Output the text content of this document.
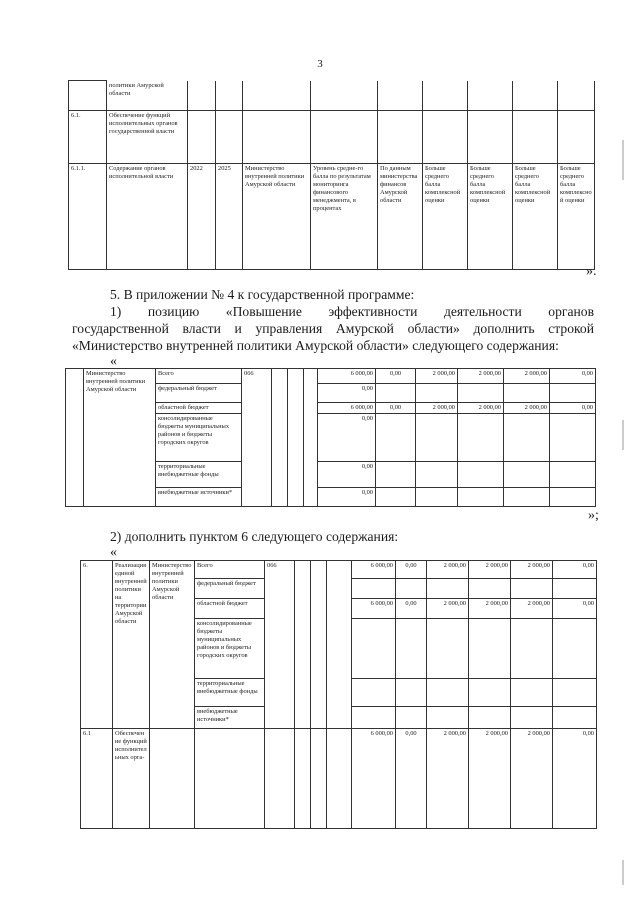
3
	политики Амурской области									
6.1.	Обеспечение функций исполнительных органов государственной власти									
6.1.1.	Содержание органов исполнительной власти	2022	2025	Министерство внутренней политики Амурской области	Уровень средне-го балла по результатам мониторинга финансового менеджмента, в процентах	По данным министерства финансов Амурской области	Больше среднего балла комплексной оценки	Больше среднего балла комплексной оценки	Больше среднего балла комплексной оценки	Больше среднего балла комплексной оценки
».
5. В приложении № 4 к государственной программе:
1) позицию «Повышение эффективности деятельности органов
государственной власти и управления Амурской области» дополнить строкой
«Министерство внутренней политики Амурской области» следующего содержания:
«
	Министерство внутренней политики Амурской области	Всего	066				6 000,00	0,00	2 000,00	2 000,00	2 000,00	0,00
		федеральный бюджет					0,00					
		областной бюджет					6 000,00	0,00	2 000,00	2 000,00	2 000,00	0,00
		консолидированные бюджеты муниципальных районов и бюджеты городских округов					0,00					
		территориальные внебюджетные фонды					0,00					
		внебюджетные источники*					0,00					
»;
2) дополнить пунктом 6 следующего содержания:
«
6.	Реализация единой внутренней политики на территории Амурской области	Министерство внутренней политики Амурской области	Всего	066				6 000,00	0,00	2 000,00	2 000,00	2 000,00	0,00
			федеральный бюджет										
			областной бюджет					6 000,00	0,00	2 000,00	2 000,00	2 000,00	0,00
			консолидированные бюджеты муниципальных районов и бюджеты городских округов										
			территориальные внебюджетные фонды										
			внебюджетные источники*										
6.1	Обеспечение функций исполнительных орга-							6 000,00	0,00	2 000,00	2 000,00	2 000,00	0,00
